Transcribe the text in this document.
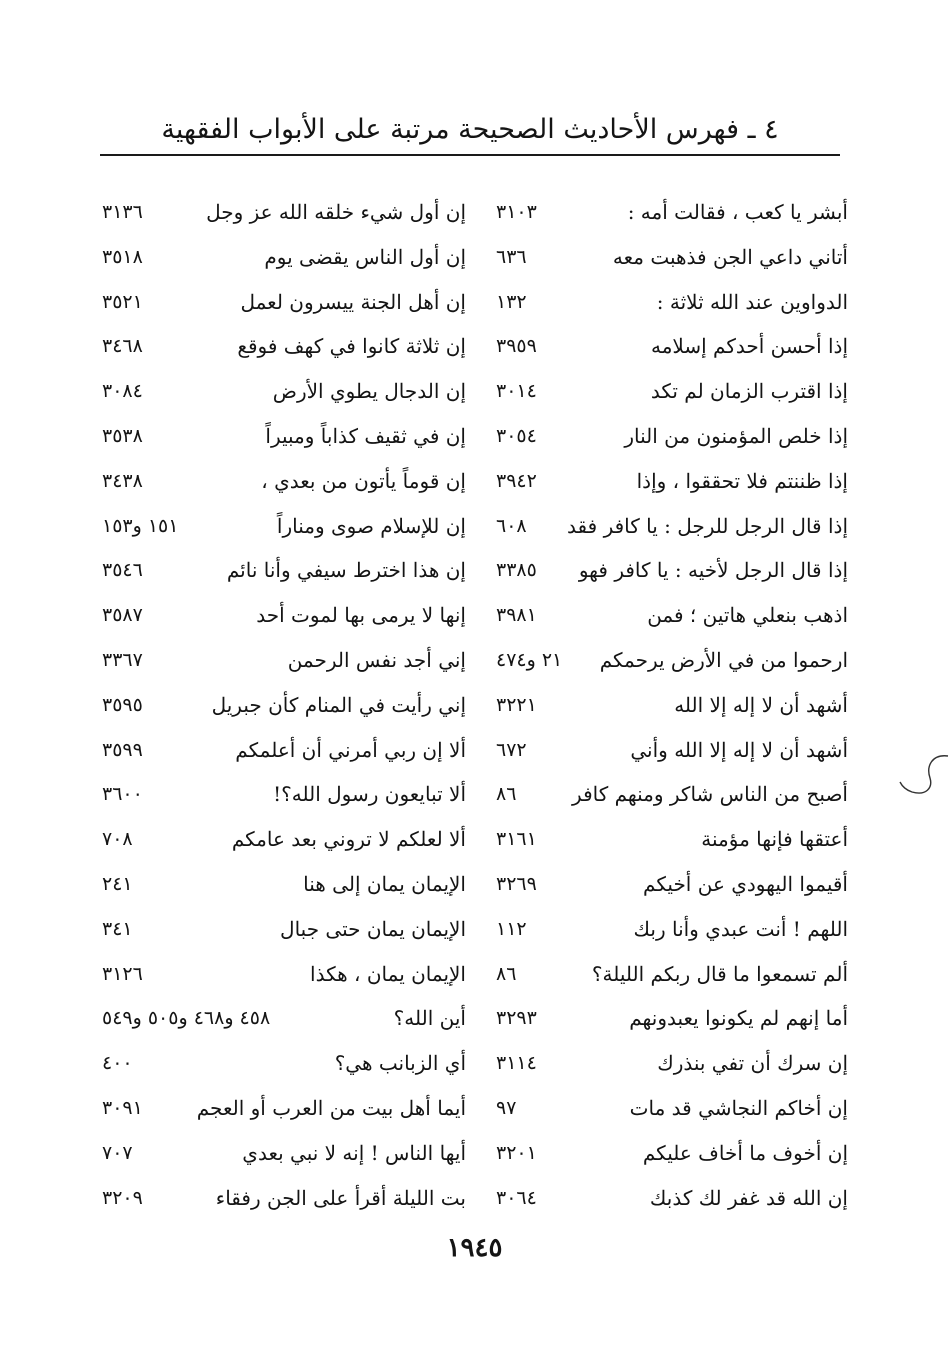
٤ ـ فهرس الأحاديث الصحيحة مرتبة على الأبواب الفقهية
أبشر يا كعب ، فقالت أمه :
٣١٠٣
أتاني داعي الجن فذهبت معه
٦٣٦
الدواوين عند الله ثلاثة :
١٣٢
إذا أحسن أحدكم إسلامه
٣٩٥٩
إذا اقترب الزمان لم تكد
٣٠١٤
إذا خلص المؤمنون من النار
٣٠٥٤
إذا ظننتم فلا تحققوا ، وإذا
٣٩٤٢
إذا قال الرجل للرجل : يا كافر فقد
٦٠٨
إذا قال الرجل لأخيه : يا كافر فهو
٣٣٨٥
اذهب بنعلي هاتين ؛ فمن
٣٩٨١
ارحموا من في الأرض يرحمكم
٢١ و٤٧٤
أشهد أن لا إله إلا الله
٣٢٢١
أشهد أن لا إله إلا الله وأني
٦٧٢
أصبح من الناس شاكر ومنهم كافر
٨٦
أعتقها فإنها مؤمنة
٣١٦١
أقيموا اليهودي عن أخيكم
٣٢٦٩
اللهم ! أنت عبدي وأنا ربك
١١٢
ألم تسمعوا ما قال ربكم الليلة؟
٨٦
أما إنهم لم يكونوا يعبدونهم
٣٢٩٣
إن سرك أن تفي بنذرك
٣١١٤
إن أخاكم النجاشي قد مات
٩٧
إن أخوف ما أخاف عليكم
٣٢٠١
إن الله قد غفر لك كذبك
٣٠٦٤
إن أول شيء خلقه الله عز وجل
٣١٣٦
إن أول الناس يقضى يوم
٣٥١٨
إن أهل الجنة ييسرون لعمل
٣٥٢١
إن ثلاثة كانوا في كهف فوقع
٣٤٦٨
إن الدجال يطوي الأرض
٣٠٨٤
إن في ثقيف كذاباً ومبيراً
٣٥٣٨
إن قوماً يأتون من بعدي ،
٣٤٣٨
إن للإسلام صوى ومناراً
١٥١ و١٥٣
إن هذا اخترط سيفي وأنا نائم
٣٥٤٦
إنها لا يرمى بها لموت أحد
٣٥٨٧
إني أجد نفس الرحمن
٣٣٦٧
إني رأيت في المنام كأن جبريل
٣٥٩٥
ألا إن ربي أمرني أن أعلمكم
٣٥٩٩
ألا تبايعون رسول الله؟!
٣٦٠٠
ألا لعلكم لا تروني بعد عامكم
٧٠٨
الإيمان يمان إلى هنا
٢٤١
الإيمان يمان حتى جبال
٣٤١
الإيمان يمان ، هكذا
٣١٢٦
أين الله؟
٤٥٨ و٤٦٨ و٥٠٥ و٥٤٩
أي الزبانب هي؟
٤٠٠
أيما أهل بيت من العرب أو العجم
٣٠٩١
أيها الناس ! إنه لا نبي بعدي
٧٠٧
بت الليلة أقرأ على الجن رفقاء
٣٢٠٩
١٩٤٥
